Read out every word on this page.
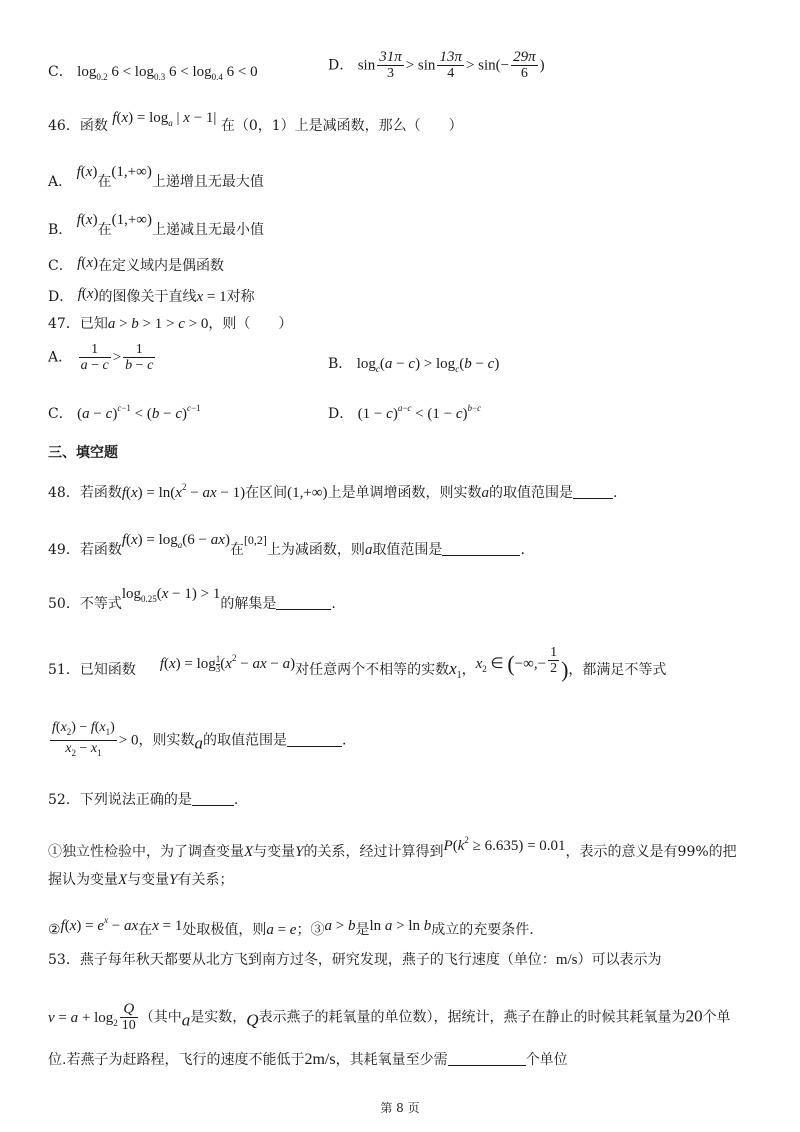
C． $\log_{0.2} 6 < \log_{0.3} 6 < \log_{0.4} 6 < 0$	D． $\sin \frac{31\pi}{3} > \sin \frac{13\pi}{4} > \sin(- \frac{29\pi}{6}$ )
46．函数 $f(x) = \log_a$ | x − 1| 在（0，1）上是减函数，那么（　　）
A． f(x)在(1,+∞)上递增且无最大值
B． f(x)在(1,+∞)上递减且无最小值
C． f(x)在定义域内是偶函数
D． f(x)的图像关于直线x = 1对称
47．已知a > b > 1 > c > 0，则（　　）
A． $\frac{1}{a - c} > \frac{1}{b - c}$	B． $\log_c(a - c) > \log_c(b - c)$
C． $(a - c)^{c-1} < (b - c)^{c-1}$	D． $(1 - c)^{a-c} < (1 - c)^{b-c}$
三、填空题
48．若函数$f(x) = \ln(x^2$ − ax − 1)在区间(1,+∞)上是单调增函数，则实数a的取值范围是	.
49．若函数$f(x) = \log_a(6 - ax)$在[0,2]上为减函数，则a取值范围是	.
50．不等式$\log_{0.25}(x - 1) > 1$的解集是	.
51．已知函数 f(x) = log $_{\frac{1}{3}}$ ($x^2$ − ax − a)对任意两个不相等的实数$x_1$，$x_2$ ∈ (−∞,− $\frac{1}{2}$ )，都满足不等式
$\frac{f(x_2) - f(x_1)}{x_2 - x_1} > 0$，则实数a的取值范围是	.
52．下列说法正确的是	.
①独立性检验中，为了调查变量X与变量Y的关系，经过计算得到$P(k^2 \ge 6.635) = 0.01$，表示的意义是有99%的把
握认为变量X与变量Y有关系；
②f(x) = $e^x$ − ax在x = 1处取极值，则a = e；③a > b是ln a > ln b成立的充要条件.
53．燕子每年秋天都要从北方飞到南方过冬，研究发现，燕子的飞行速度（单位：m/s）可以表示为
$v = a + \log_2 \frac{Q}{10}$ （其中a是实数，Q表示燕子的耗氧量的单位数），据统计，燕子在静止的时候其耗氧量为20个单
位.若燕子为赶路程，飞行的速度不能低于2m/s，其耗氧量至少需	个单位
第 8 页
